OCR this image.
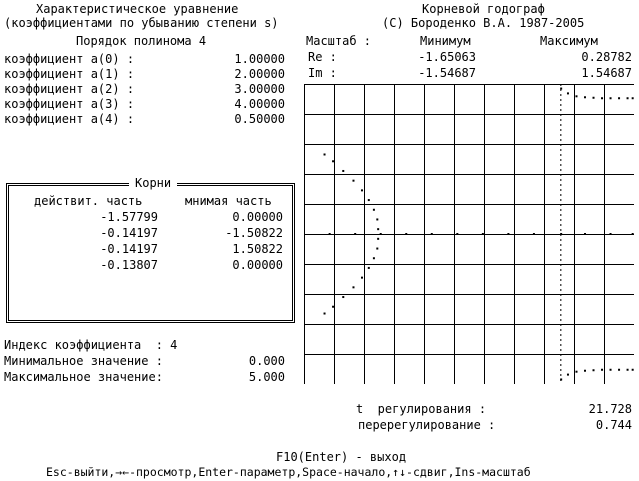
Характеристическое уравнение
(коэффициентами по убыванию степени s)
Корневой годограф
(С) Бороденко В.А. 1987-2005
Порядок полинома 4
коэффициент a(0) :	1.00000
коэффициент a(1) :	2.00000
коэффициент a(2) :	3.00000
коэффициент a(3) :	4.00000
коэффициент a(4) :	0.50000
Масштаб :	Минимум	Максимум
Re :	-1.65063	0.28782
Im :	-1.54687	1.54687
Корни
действит. часть	мнимая часть
-1.57799	0.00000
-0.14197	-1.50822
-0.14197	1.50822
-0.13807	0.00000
Индекс коэффициента  : 4
Минимальное значение :	0.000
Максимальное значение:	5.000
t  регулирования :	21.728
перерегулирование :	0.744
F10(Enter) - выход
Esc-выйти,→←-просмотр,Enter-параметр,Space-начало,↑↓-сдвиг,Ins-масштаб
